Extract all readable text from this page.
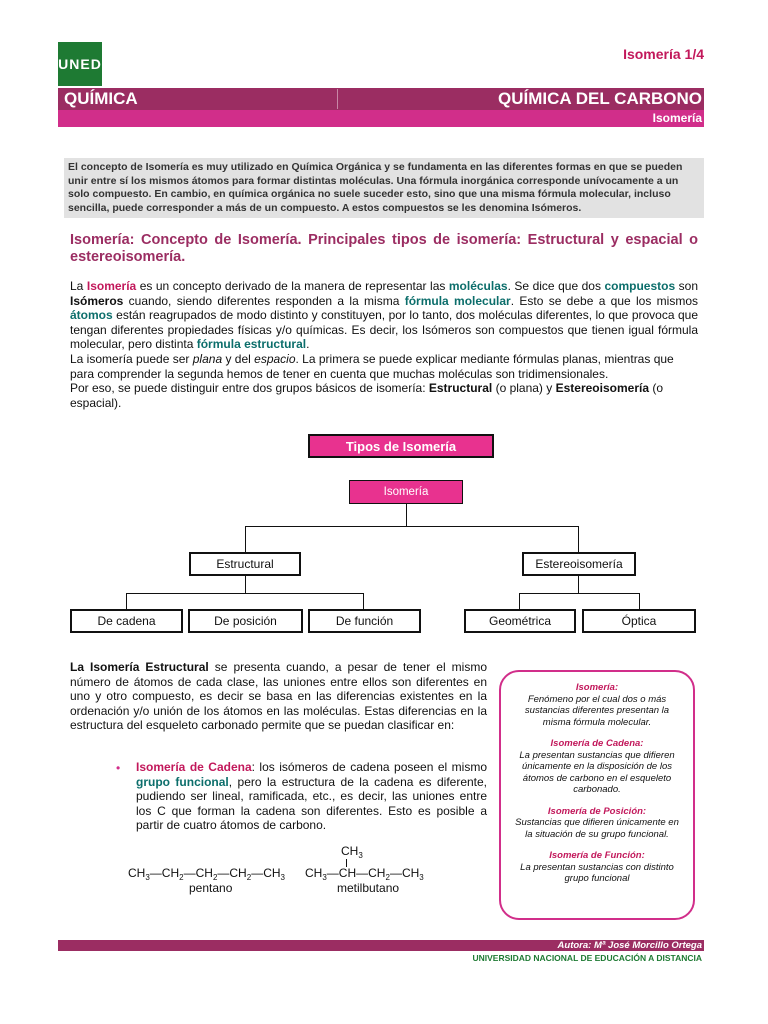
UNED
Isomería 1/4
QUÍMICA	QUÍMICA DEL CARBONO
Isomería
El concepto de Isomería es muy utilizado en Química Orgánica y se fundamenta en las diferentes formas en que se pueden unir entre sí los mismos átomos para formar distintas moléculas. Una fórmula inorgánica corresponde unívocamente a un solo compuesto. En cambio, en química orgánica no suele suceder esto, sino que una misma fórmula molecular, incluso sencilla, puede corresponder a más de un compuesto. A estos compuestos se les denomina Isómeros.
Isomería: Concepto de Isomería. Principales tipos de isomería: Estructural y espacial o estereoisomería.

La Isomería es un concepto derivado de la manera de representar las moléculas. Se dice que dos compuestos son Isómeros cuando, siendo diferentes responden a la misma fórmula molecular. Esto se debe a que los mismos átomos están reagrupados de modo distinto y constituyen, por lo tanto, dos moléculas diferentes, lo que provoca que tengan diferentes propiedades físicas y/o químicas. Es decir, los Isómeros son compuestos que tienen igual fórmula molecular, pero distinta fórmula estructural.

La isomería puede ser plana y del espacio. La primera se puede explicar mediante fórmulas planas, mientras que para comprender la segunda hemos de tener en cuenta que muchas moléculas son tridimensionales.

Por eso, se puede distinguir entre dos grupos básicos de isomería: Estructural (o plana) y Estereoisomería (o espacial).

Tipos de Isomería
Isomería
Estructural	Estereoisomería
De cadena	De posición	De función	Geométrica	Óptica

La Isomería Estructural se presenta cuando, a pesar de tener el mismo número de átomos de cada clase, las uniones entre ellos son diferentes en uno y otro compuesto, es decir se basa en las diferencias existentes en la ordenación y/o unión de los átomos en las moléculas. Estas diferencias en la estructura del esqueleto carbonado permite que se puedan clasificar en:

• Isomería de Cadena: los isómeros de cadena poseen el mismo grupo funcional, pero la estructura de la cadena es diferente, pudiendo ser lineal, ramificada, etc., es decir, las uniones entre los C que forman la cadena son diferentes. Esto es posible a partir de cuatro átomos de carbono.
$CH_3—CH_2—CH_2—CH_2—CH_3$
pentano
$CH_3$
$CH_3—CH—CH_2—CH_3$
metilbutano
Isomería:
Fenómeno por el cual dos o más sustancias diferentes presentan la misma fórmula molecular.
Isomería de Cadena:
La presentan sustancias que difieren únicamente en la disposición de los átomos de carbono en el esqueleto carbonado.
Isomería de Posición:
Sustancias que difieren únicamente en la situación de su grupo funcional.
Isomería de Función:
La presentan sustancias con distinto grupo funcional
Autora: Mª José Morcillo Ortega
UNIVERSIDAD NACIONAL DE EDUCACIÓN A DISTANCIA
